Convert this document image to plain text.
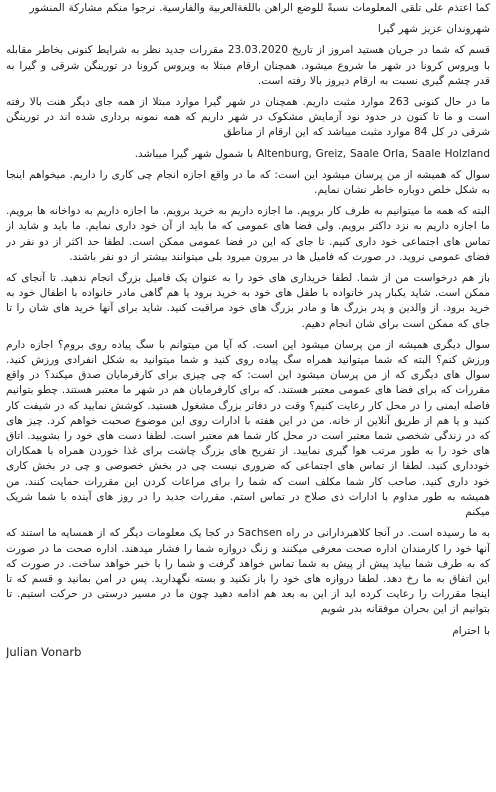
کما اعتذم علی تلقی المعلومات نسبةً للوضع الراهن باللغةالعربیة والفارسیة. نرجوا منکم مشارکة المنشور

شهروندان عزیز شهر گیرا

قسم که شما در جریان هستید امروز از تاریخ 23.03.2020 مقررات جدید نظر به شرایط کنونی بخاطر مقابله با ویروس کرونا در شهر ما شروع میشود. همچنان ارقام مبتلا به ویروس کرونا در تورینگن شرقی و گیرا به قدر چشم گیری نسبت به ارقام دیروز بالا رفته است.

ما در حال کنونی 263 موارد مثبت داریم. همچنان در شهر گیرا موارد مبتلا از همه جای دیگر هنت بالا رفته است و ما تا کنون در حدود نود آزمایش مشکوک در شهر داریم که همه نمونه برداری شده اند در تورینگن شرقی در کل 84 موارد مثبت میباشد که این ارقام از مناطق

Altenburg, Greiz, Saale Orla, Saale Holzland با شمول شهر گیرا میباشد.

سوال که همیشه از من پرسان میشود این است: که ما در واقع اجازه انجام چی کاری را داریم. میخواهم اینجا به شکل خلص دوباره خاطر نشان نمایم.

البته که همه ما میتوانیم به طرف کار برویم. ما اجازه داریم به خرید برویم. ما اجازه داریم به دواخانه ها برویم. ما اجازه داریم به نزد داکتر برویم. ولی فضا های عمومی که ما باید از آن خود داری نمایم. ما باید و شاید از تماس های اجتماعی خود داری کنیم. تا جای که این در فضا عمومی ممکن است. لطفا حد اکثر از دو نفر در فضای عمومی نروید. در صورت که فامیل ها در بیرون میرود بلی میتوانند بیشتر از دو نفر باشند.

باز هم درخواست من از شما. لطفا خریداری های خود را به عنوان یک فامیل بزرگ انجام ندهید. تا آنجای که ممکن است. شاید یکبار پدر خانواده با طفل های خود به خرید برود یا هم گاهی مادر خانواده با اطفال خود به خرید برود. از والدین و پدر بزرگ ها و مادر بزرگ های خود مراقبت کنید. شاید برای آنها خرید های شان را تا جای که ممکن است برای شان انجام دهیم.

سوال دیگری همیشه از من پرسان میشود این است. که آیا من میتوانم با سگ پیاده روی بروم؟ اجازه دارم ورزش کنم؟ البته که شما میتوانید همراه سگ پیاده روی کنید و شما میتوانید به شکل انفرادی ورزش کنید. سوال های دیگری که از من پرسان میشود این است: که چی چیزی برای کارفرمایان صدق میکند؟ در واقع مقررات که برای فضا های عمومی معتبر هستند. که برای کارفرمایان هم در شهر ما معتبر هستند. چطو بتوانیم فاصله ایمنی را در محل کار رعایت کنیم؟ وقت در دفاتر بزرگ مشغول هستید. کوشش نمایید که در شیفت کار کنید و یا هم از طریق آنلاین از خانه. من در این هفته با ادارات روی این موضوع صحبت خواهم کرد. چیز های که در زندگی شخصی شما معتبر است در محل کار شما هم معتبر است. لطفا دست های خود را بشویید. اتاق های خود را به طور مرتب هوا گیری نمایید. از تفریح های بزرگ چاشت برای غذا خوردن همراه با همکاران خودداری کنید. لطفا از تماس های اجتماعی که ضروری نیست چی در بخش خصوصی و چی در بخش کاری خود داری کنید. صاحب کار شما مکلف است که شما را برای مراعات کردن این مقررات حمایت کنند. من همیشه به طور مداوم با ادارات ذی صلاح در تماس استم. مقررات جدید را در روز های آینده با شما شریک میکنم

به ما رسیده است. در آنجا کلاهبردارانی در راه Sachsen در کجا یک معلومات دیگر که از همسایه ما استند که آنها خود را کارمندان اداره صحت معرفی میکنند و زنگ دروازه شما را فشار میدهند. اداره صحت ما در صورت که به طرف شما بیاید پیش از پیش به شما تماس خواهد گرفت و شما را با خبر خواهد ساخت. در صورت که این اتفاق به ما رخ دهد. لطفا دروازه های خود را باز نکنید و بسته نگهدارید. پس در امن بمانید و قسم که تا اینجا مقررات را رعایت کرده اید از این به بعد هم ادامه دهید چون ما در مسیر درستی در حرکت استیم. تا بتوانیم از این بحران موفقانه بدر شویم

با احترام

Julian Vonarb
